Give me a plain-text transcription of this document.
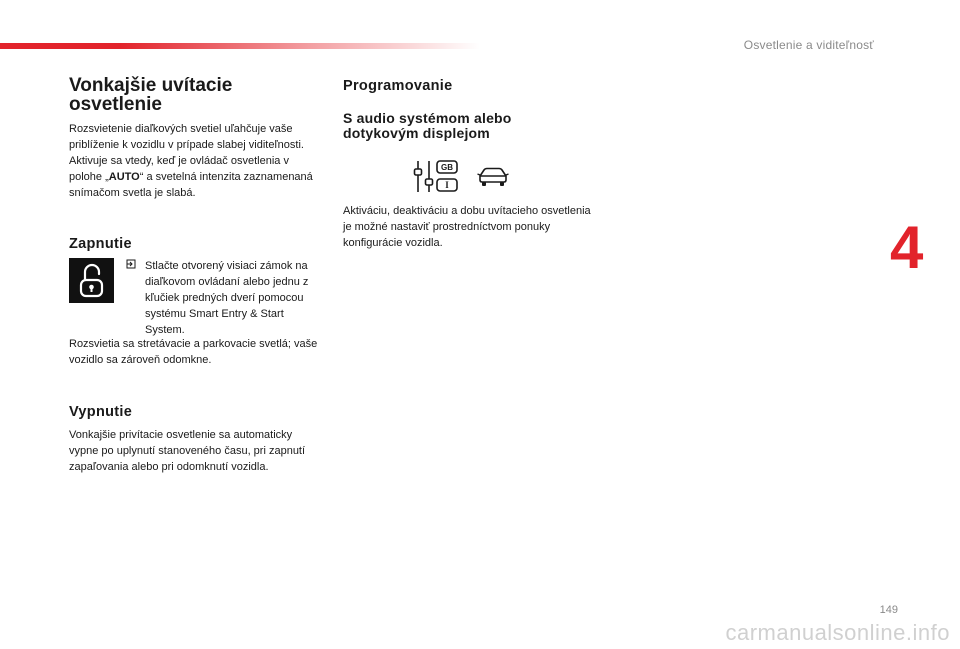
Osvetlenie a viditeľnosť
4
Vonkajšie uvítacie osvetlenie
Rozsvietenie diaľkových svetiel uľahčuje vaše priblíženie k vozidlu v prípade slabej viditeľnosti. Aktivuje sa vtedy, keď je ovládač osvetlenia v polohe „AUTO“ a svetelná intenzita zaznamenaná snímačom svetla je slabá.
Zapnutie
Stlačte otvorený visiaci zámok na diaľkovom ovládaní alebo jednu z kľučiek predných dverí pomocou systému Smart Entry & Start System.
Rozsvietia sa stretávacie a parkovacie svetlá; vaše vozidlo sa zároveň odomkne.
Vypnutie
Vonkajšie privítacie osvetlenie sa automaticky vypne po uplynutí stanoveného času, pri zapnutí zapaľovania alebo pri odomknutí vozidla.
Programovanie
S audio systémom alebo dotykovým displejom
GB
I
Aktiváciu, deaktiváciu a dobu uvítacieho osvetlenia je možné nastaviť prostredníctvom ponuky konfigurácie vozidla.
149
carmanualsonline.info
